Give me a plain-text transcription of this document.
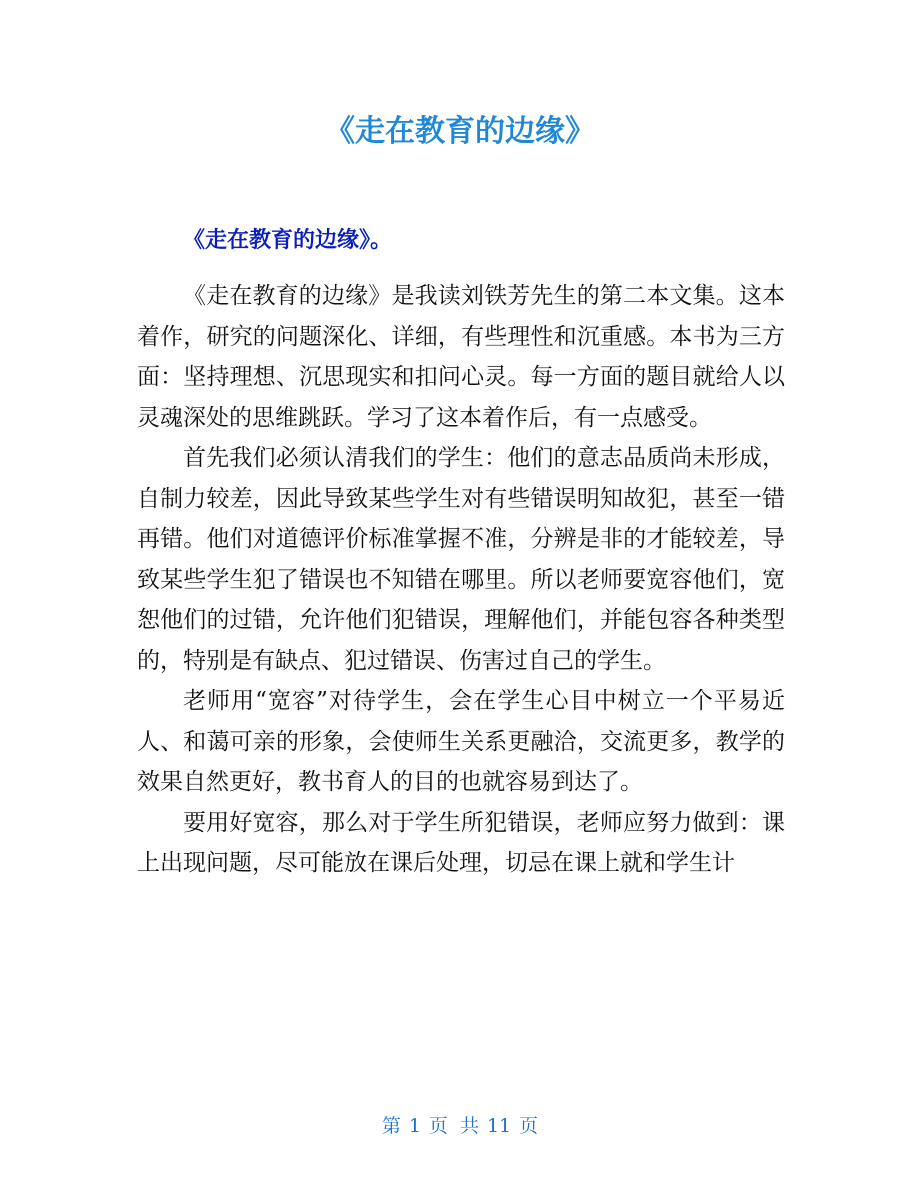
《走在教育的边缘》
《走在教育的边缘》。

《走在教育的边缘》是我读刘铁芳先生的第二本文集。这本着作，研究的问题深化、详细，有些理性和沉重感。本书为三方面：坚持理想、沉思现实和扣问心灵。每一方面的题目就给人以灵魂深处的思维跳跃。学习了这本着作后，有一点感受。

首先我们必须认清我们的学生：他们的意志品质尚未形成，自制力较差，因此导致某些学生对有些错误明知故犯，甚至一错再错。他们对道德评价标准掌握不准，分辨是非的才能较差，导致某些学生犯了错误也不知错在哪里。所以老师要宽容他们，宽恕他们的过错，允许他们犯错误，理解他们，并能包容各种类型的，特别是有缺点、犯过错误、伤害过自己的学生。

老师用“宽容”对待学生，会在学生心目中树立一个平易近人、和蔼可亲的形象，会使师生关系更融洽，交流更多，教学的效果自然更好，教书育人的目的也就容易到达了。

要用好宽容，那么对于学生所犯错误，老师应努力做到：课上出现问题，尽可能放在课后处理，切忌在课上就和学生计

第 1 页 共 11 页
